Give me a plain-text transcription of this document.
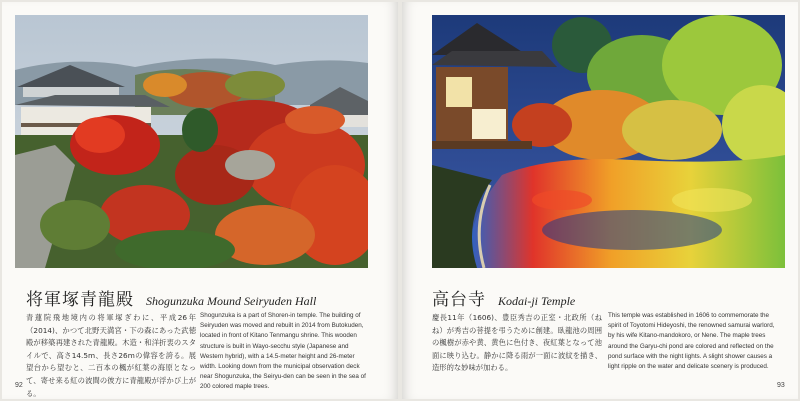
将軍塚青龍殿 Shogunzuka Mound Seiryuden Hall
青蓮院飛地境内の将軍塚ぎわに、平成26年（2014)、かつて北野天満宮・下の森にあった武徳殿が移築再建された青龍殿。木造・和洋折衷のスタイルで、高さ14.5m、長さ26mの偉容を誇る。展望台から望むと、二百本の楓が紅葉の海原となって、寄せ来る紅の波間の彼方に青龍殿が浮かび上がる。
Shogunzuka is a part of Shoren-in temple. The building of Seiryuden was moved and rebuilt in 2014 from Butokuden, located in front of Kitano Tenmangu shrine. This wooden structure is built in Wayo-secchu style (Japanese and Western hybrid), with a 14.5-meter height and 26-meter width. Looking down from the municipal observation deck near Shogunzuka, the Seiryu-den can be seen in the sea of 200 colored maple trees.
92
高台寺 Kodai-ji Temple
慶長11年（1606)、豊臣秀吉の正室・北政所（ねね）が秀吉の菩提を弔うために創建。臥龍池の周囲の楓樹が赤や黄、黄色に色付き、夜紅葉となって池面に映り込む。静かに降る雨が一面に波紋を描き、造形的な妙味が加わる。
This temple was established in 1606 to commemorate the spirit of Toyotomi Hideyoshi, the renowned samurai warlord, by his wife Kitano-mandokoro, or Nene. The maple trees around the Garyu-chi pond are colored and reflected on the pond surface with the night lights. A slight shower causes a light ripple on the water and delicate scenery is produced.
93
